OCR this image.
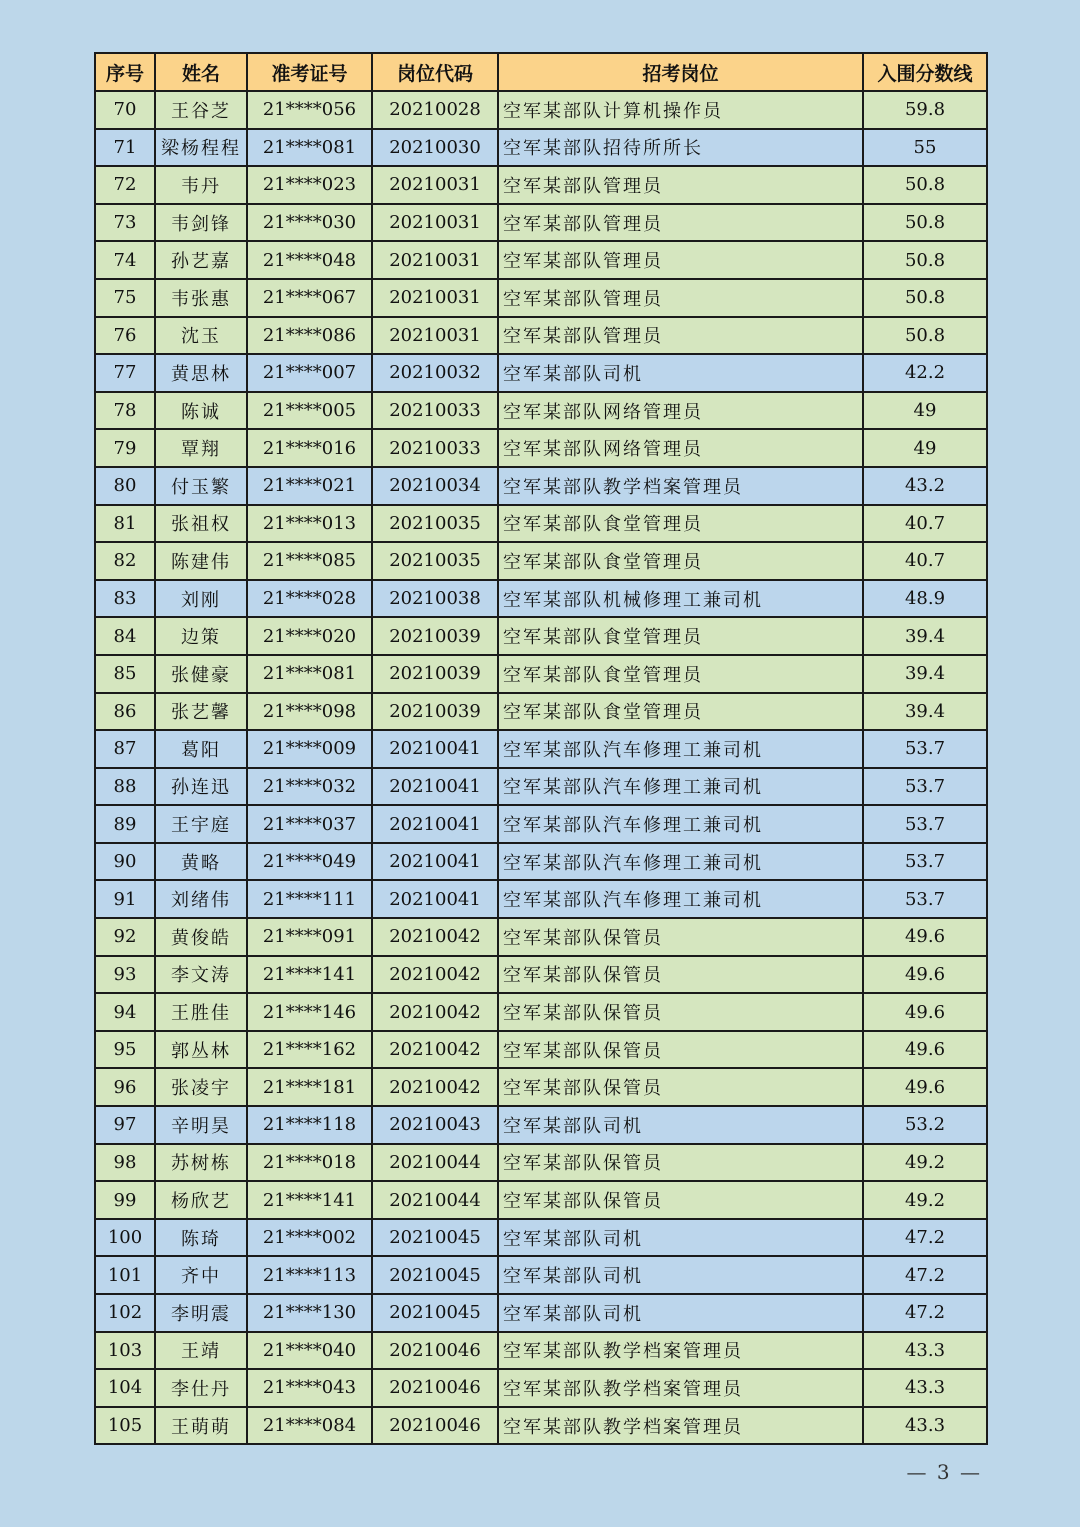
序号	姓名	准考证号	岗位代码	招考岗位	入围分数线
70	王谷芝	21****056	20210028	空军某部队计算机操作员	59.8
71	梁杨程程	21****081	20210030	空军某部队招待所所长	55
72	韦丹	21****023	20210031	空军某部队管理员	50.8
73	韦剑锋	21****030	20210031	空军某部队管理员	50.8
74	孙艺嘉	21****048	20210031	空军某部队管理员	50.8
75	韦张惠	21****067	20210031	空军某部队管理员	50.8
76	沈玉	21****086	20210031	空军某部队管理员	50.8
77	黄思林	21****007	20210032	空军某部队司机	42.2
78	陈诚	21****005	20210033	空军某部队网络管理员	49
79	覃翔	21****016	20210033	空军某部队网络管理员	49
80	付玉繁	21****021	20210034	空军某部队教学档案管理员	43.2
81	张祖权	21****013	20210035	空军某部队食堂管理员	40.7
82	陈建伟	21****085	20210035	空军某部队食堂管理员	40.7
83	刘刚	21****028	20210038	空军某部队机械修理工兼司机	48.9
84	边策	21****020	20210039	空军某部队食堂管理员	39.4
85	张健豪	21****081	20210039	空军某部队食堂管理员	39.4
86	张艺馨	21****098	20210039	空军某部队食堂管理员	39.4
87	葛阳	21****009	20210041	空军某部队汽车修理工兼司机	53.7
88	孙连迅	21****032	20210041	空军某部队汽车修理工兼司机	53.7
89	王宇庭	21****037	20210041	空军某部队汽车修理工兼司机	53.7
90	黄略	21****049	20210041	空军某部队汽车修理工兼司机	53.7
91	刘绪伟	21****111	20210041	空军某部队汽车修理工兼司机	53.7
92	黄俊皓	21****091	20210042	空军某部队保管员	49.6
93	李文涛	21****141	20210042	空军某部队保管员	49.6
94	王胜佳	21****146	20210042	空军某部队保管员	49.6
95	郭丛林	21****162	20210042	空军某部队保管员	49.6
96	张凌宇	21****181	20210042	空军某部队保管员	49.6
97	辛明昊	21****118	20210043	空军某部队司机	53.2
98	苏树栋	21****018	20210044	空军某部队保管员	49.2
99	杨欣艺	21****141	20210044	空军某部队保管员	49.2
100	陈琦	21****002	20210045	空军某部队司机	47.2
101	齐中	21****113	20210045	空军某部队司机	47.2
102	李明震	21****130	20210045	空军某部队司机	47.2
103	王靖	21****040	20210046	空军某部队教学档案管理员	43.3
104	李仕丹	21****043	20210046	空军某部队教学档案管理员	43.3
105	王萌萌	21****084	20210046	空军某部队教学档案管理员	43.3
— 3 —
